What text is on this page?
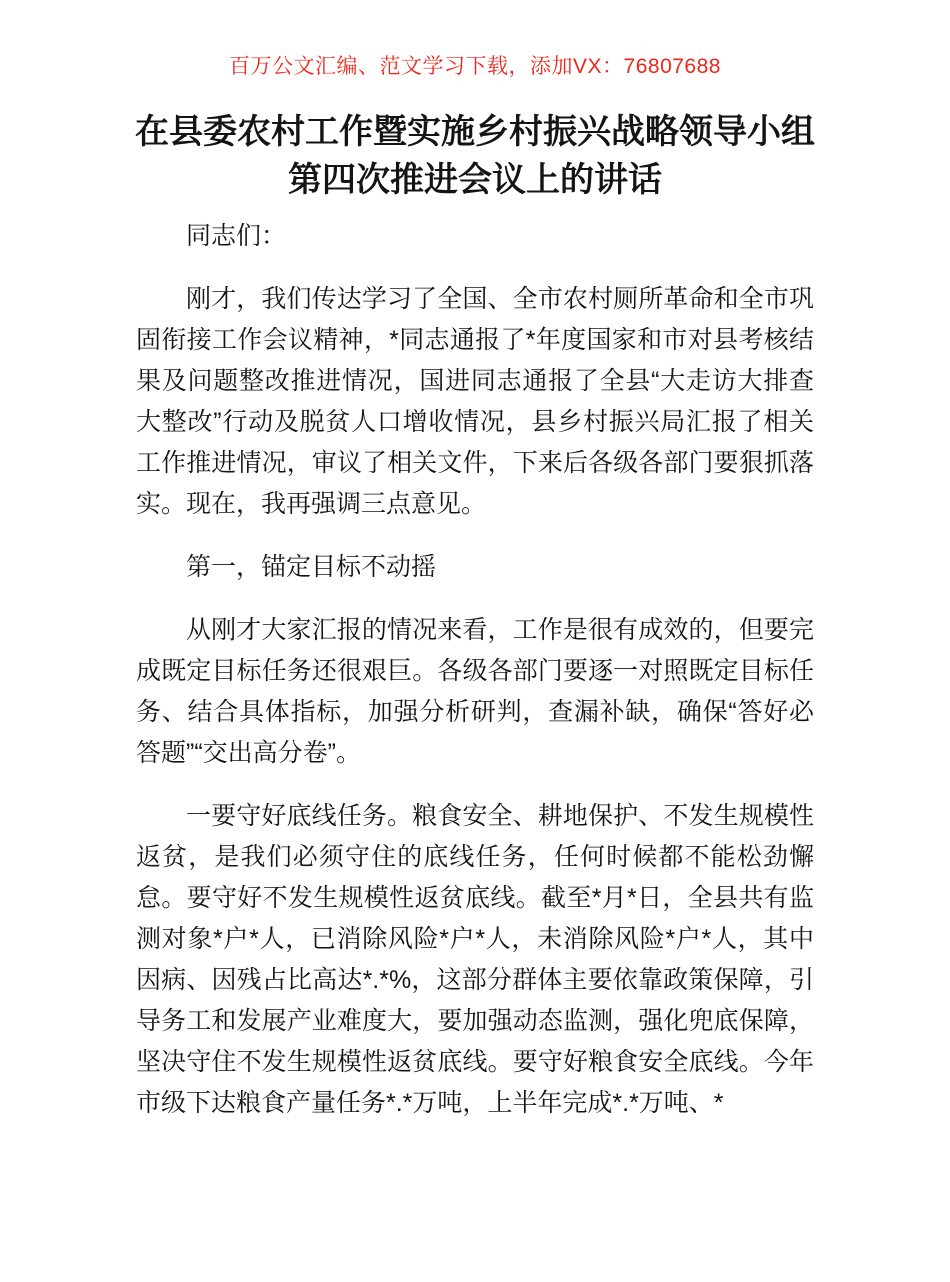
百万公文汇编、范文学习下载，添加VX：76807688
在县委农村工作暨实施乡村振兴战略领导小组
第四次推进会议上的讲话

同志们：

刚才，我们传达学习了全国、全市农村厕所革命和全市巩固衔接工作会议精神，*同志通报了*年度国家和市对县考核结果及问题整改推进情况，国进同志通报了全县“大走访大排查大整改”行动及脱贫人口增收情况，县乡村振兴局汇报了相关工作推进情况，审议了相关文件，下来后各级各部门要狠抓落实。现在，我再强调三点意见。

第一，锚定目标不动摇

从刚才大家汇报的情况来看，工作是很有成效的，但要完成既定目标任务还很艰巨。各级各部门要逐一对照既定目标任务、结合具体指标，加强分析研判，查漏补缺，确保“答好必答题”“交出高分卷”。

一要守好底线任务。粮食安全、耕地保护、不发生规模性返贫，是我们必须守住的底线任务，任何时候都不能松劲懈怠。要守好不发生规模性返贫底线。截至*月*日，全县共有监测对象*户*人，已消除风险*户*人，未消除风险*户*人，其中因病、因残占比高达*.*%，这部分群体主要依靠政策保障，引导务工和发展产业难度大，要加强动态监测，强化兜底保障，坚决守住不发生规模性返贫底线。要守好粮食安全底线。今年市级下达粮食产量任务*.*万吨，上半年完成*.*万吨、*
